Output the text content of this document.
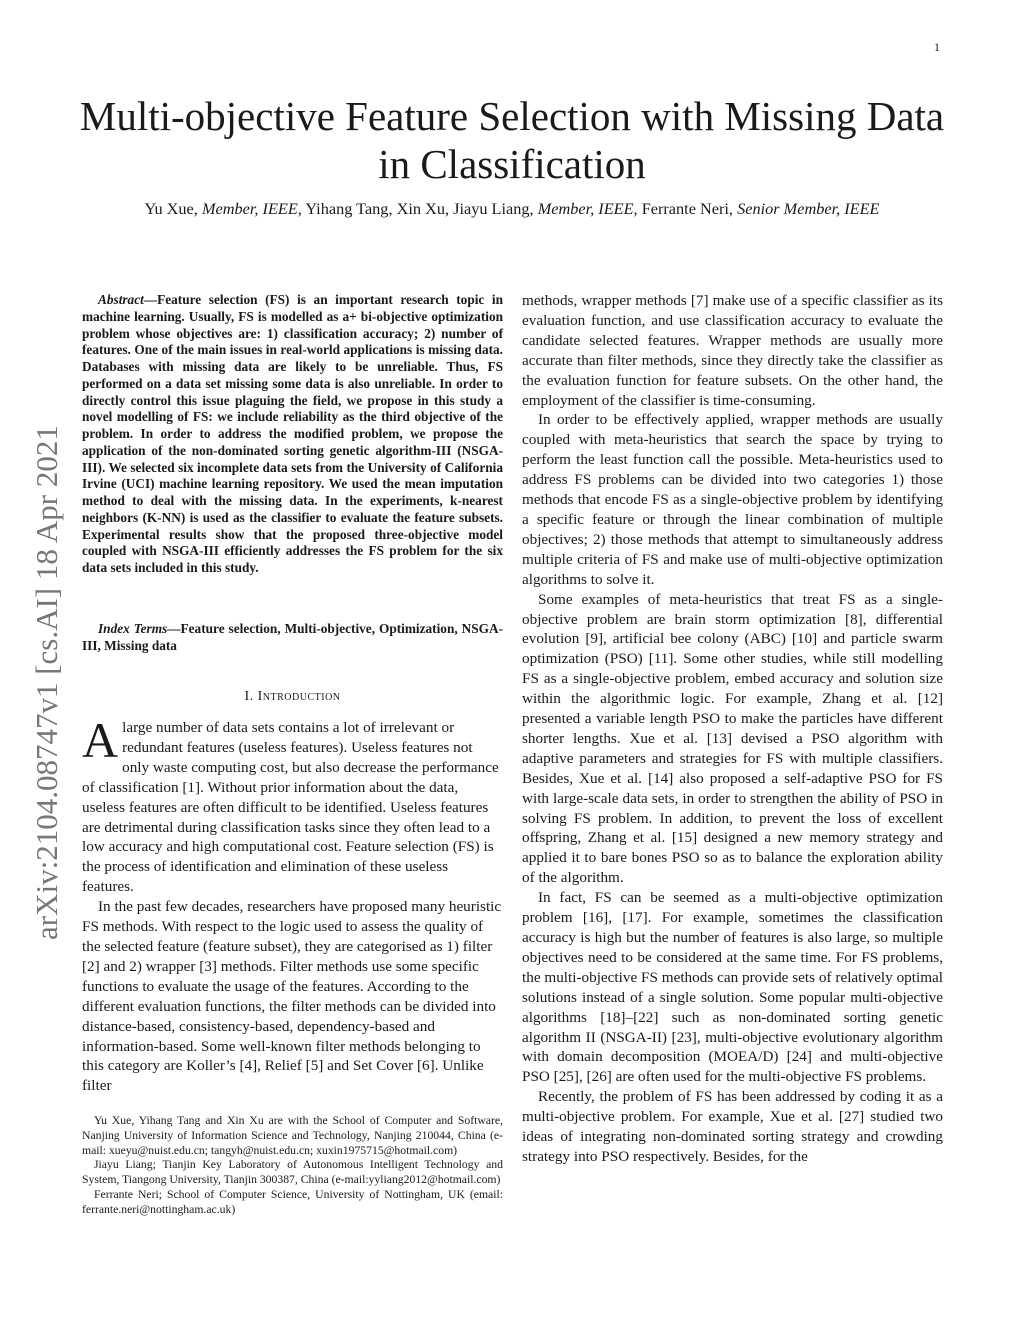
1
Multi-objective Feature Selection with Missing Data in Classification
Yu Xue, Member, IEEE, Yihang Tang, Xin Xu, Jiayu Liang, Member, IEEE, Ferrante Neri, Senior Member, IEEE
arXiv:2104.08747v1 [cs.AI] 18 Apr 2021

Abstract—Feature selection (FS) is an important research topic in machine learning. Usually, FS is modelled as a+ bi-objective optimization problem whose objectives are: 1) classification accuracy; 2) number of features. One of the main issues in real-world applications is missing data. Databases with missing data are likely to be unreliable. Thus, FS performed on a data set missing some data is also unreliable. In order to directly control this issue plaguing the field, we propose in this study a novel modelling of FS: we include reliability as the third objective of the problem. In order to address the modified problem, we propose the application of the non-dominated sorting genetic algorithm-III (NSGA-III). We selected six incomplete data sets from the University of California Irvine (UCI) machine learning repository. We used the mean imputation method to deal with the missing data. In the experiments, k-nearest neighbors (K-NN) is used as the classifier to evaluate the feature subsets. Experimental results show that the proposed three-objective model coupled with NSGA-III efficiently addresses the FS problem for the six data sets included in this study.

Index Terms—Feature selection, Multi-objective, Optimization, NSGA-III, Missing data

I. Introduction

Alarge number of data sets contains a lot of irrelevant or redundant features (useless features). Useless features not only waste computing cost, but also decrease the performance of classification [1]. Without prior information about the data, useless features are often difficult to be identified. Useless features are detrimental during classification tasks since they often lead to a low accuracy and high computational cost. Feature selection (FS) is the process of identification and elimination of these useless features.

In the past few decades, researchers have proposed many heuristic FS methods. With respect to the logic used to assess the quality of the selected feature (feature subset), they are categorised as 1) filter [2] and 2) wrapper [3] methods. Filter methods use some specific functions to evaluate the usage of the features. According to the different evaluation functions, the filter methods can be divided into distance-based, consistency-based, dependency-based and information-based. Some well-known filter methods belonging to this category are Koller’s [4], Relief [5] and Set Cover [6]. Unlike filter

Yu Xue, Yihang Tang and Xin Xu are with the School of Computer and Software, Nanjing University of Information Science and Technology, Nanjing 210044, China (e-mail: xueyu@nuist.edu.cn; tangyh@nuist.edu.cn; xuxin1975715@hotmail.com)

Jiayu Liang; Tianjin Key Laboratory of Autonomous Intelligent Technology and System, Tiangong University, Tianjin 300387, China (e-mail:yyliang2012@hotmail.com)

Ferrante Neri; School of Computer Science, University of Nottingham, UK (email: ferrante.neri@nottingham.ac.uk)

methods, wrapper methods [7] make use of a specific classifier as its evaluation function, and use classification accuracy to evaluate the candidate selected features. Wrapper methods are usually more accurate than filter methods, since they directly take the classifier as the evaluation function for feature subsets. On the other hand, the employment of the classifier is time-consuming.

In order to be effectively applied, wrapper methods are usually coupled with meta-heuristics that search the space by trying to perform the least function call the possible. Meta-heuristics used to address FS problems can be divided into two categories 1) those methods that encode FS as a single-objective problem by identifying a specific feature or through the linear combination of multiple objectives; 2) those methods that attempt to simultaneously address multiple criteria of FS and make use of multi-objective optimization algorithms to solve it.

Some examples of meta-heuristics that treat FS as a single-objective problem are brain storm optimization [8], differential evolution [9], artificial bee colony (ABC) [10] and particle swarm optimization (PSO) [11]. Some other studies, while still modelling FS as a single-objective problem, embed accuracy and solution size within the algorithmic logic. For example, Zhang et al. [12] presented a variable length PSO to make the particles have different shorter lengths. Xue et al. [13] devised a PSO algorithm with adaptive parameters and strategies for FS with multiple classifiers. Besides, Xue et al. [14] also proposed a self-adaptive PSO for FS with large-scale data sets, in order to strengthen the ability of PSO in solving FS problem. In addition, to prevent the loss of excellent offspring, Zhang et al. [15] designed a new memory strategy and applied it to bare bones PSO so as to balance the exploration ability of the algorithm.

In fact, FS can be seemed as a multi-objective optimization problem [16], [17]. For example, sometimes the classification accuracy is high but the number of features is also large, so multiple objectives need to be considered at the same time. For FS problems, the multi-objective FS methods can provide sets of relatively optimal solutions instead of a single solution. Some popular multi-objective algorithms [18]–[22] such as non-dominated sorting genetic algorithm II (NSGA-II) [23], multi-objective evolutionary algorithm with domain decomposition (MOEA/D) [24] and multi-objective PSO [25], [26] are often used for the multi-objective FS problems.

Recently, the problem of FS has been addressed by coding it as a multi-objective problem. For example, Xue et al. [27] studied two ideas of integrating non-dominated sorting strategy and crowding strategy into PSO respectively. Besides, for the
